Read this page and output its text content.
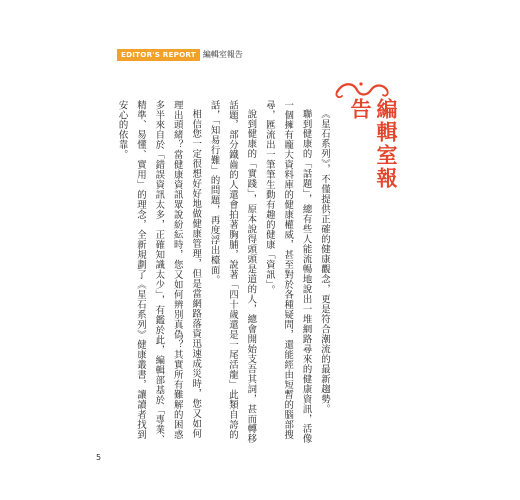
EDITOR'S REPORT 編輯室報告
編輯室報告

《星石系列》，不僅提供正確的健康觀念，更是符合潮流的最新趨勢。

聯到健康的「話題」，總有些人能流暢地說出一堆網路尋來的健康資訊，活像一個擁有龐大資料庫的健康權威，甚至對於各種疑問，還能經由短暫的腦部搜尋，匯流出一筆筆生動有趣的健康「資訊」。

說到健康的「實踐」，原本說得頭頭是道的人，總會開始支吾其詞，甚而轉移話題，部分鐵齒的人還會拍著胸脯，說著「四十歲還是一尾活龍」此類自誇的話，「知易行難」的問題，再度浮出檯面。

相信您一定很想好好地做健康管理，但是當網路落資迅速成災時，您又如何理出頭緒？當健康資訊眾說紛紜時，您又如何辨別真偽？其實所有難解的困惑多半來自於「錯誤資訊太多，正確知識太少」，有鑑於此，編輯部基於「專業、精準、易懂、實用」的理念，全新規劃了《星石系列》健康叢書，讓讀者找到安心的依靠。

5
